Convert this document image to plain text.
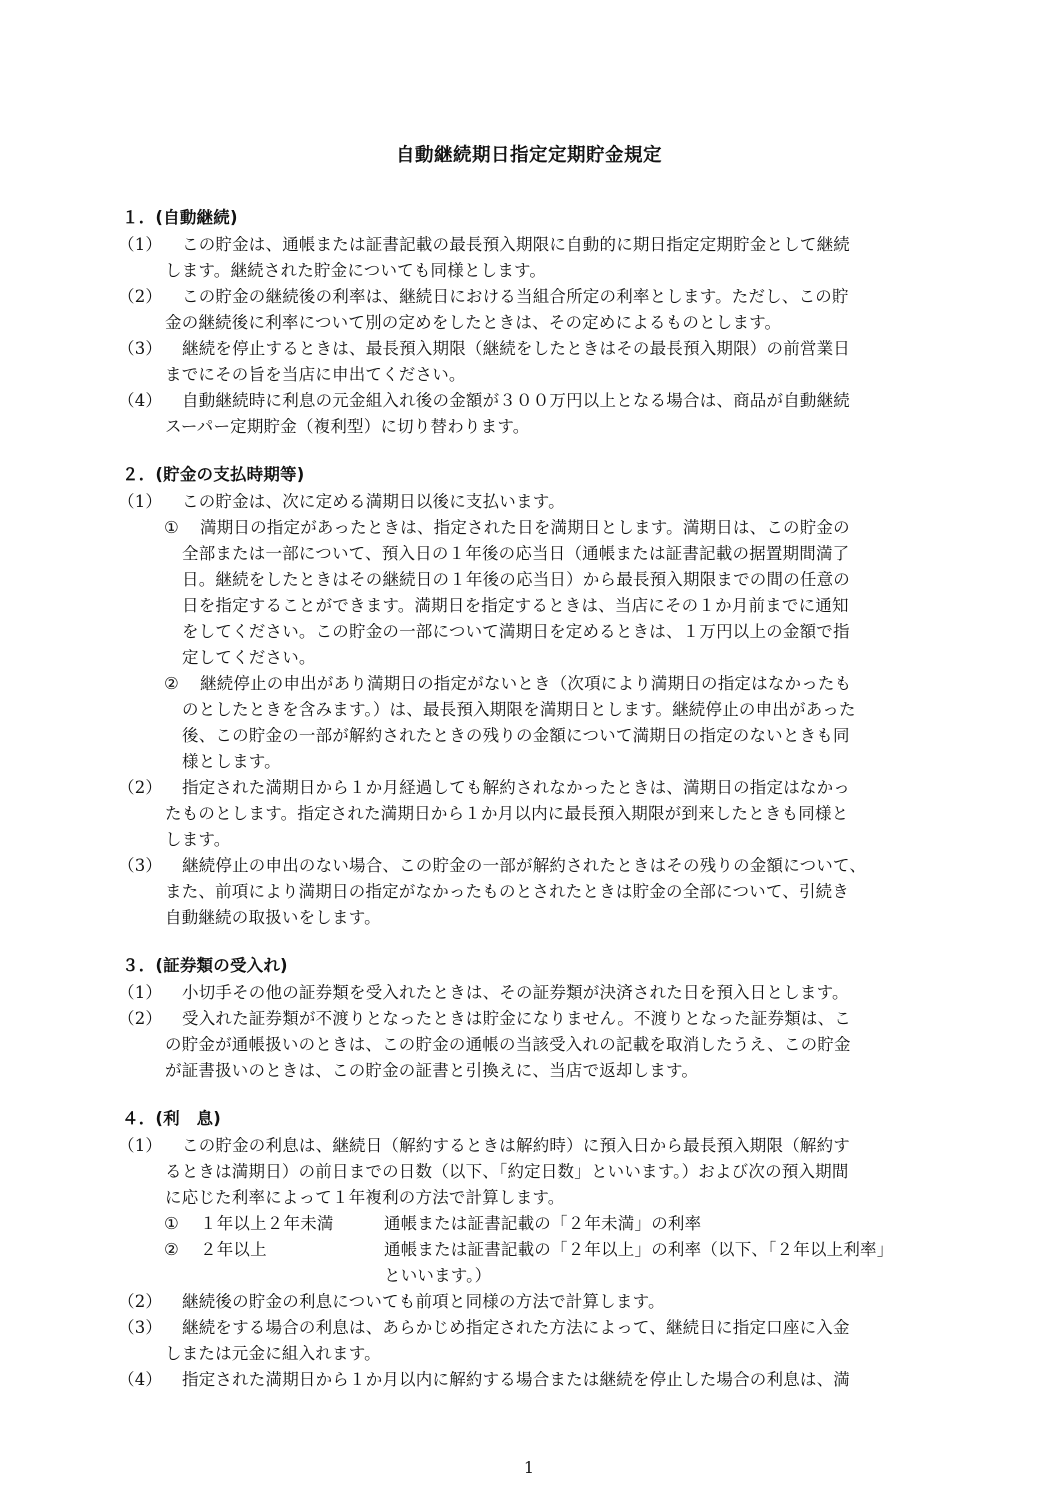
自動継続期日指定定期貯金規定
１．(自動継続)
（1） この貯金は、通帳または証書記載の最長預入期限に自動的に期日指定定期貯金として継続
します。継続された貯金についても同様とします。
（2） この貯金の継続後の利率は、継続日における当組合所定の利率とします。ただし、この貯
金の継続後に利率について別の定めをしたときは、その定めによるものとします。
（3） 継続を停止するときは、最長預入期限（継続をしたときはその最長預入期限）の前営業日
までにその旨を当店に申出てください。
（4） 自動継続時に利息の元金組入れ後の金額が３００万円以上となる場合は、商品が自動継続
スーパー定期貯金（複利型）に切り替わります。
２．(貯金の支払時期等)
（1） この貯金は、次に定める満期日以後に支払います。
① 満期日の指定があったときは、指定された日を満期日とします。満期日は、この貯金の
全部または一部について、預入日の１年後の応当日（通帳または証書記載の据置期間満了
日。継続をしたときはその継続日の１年後の応当日）から最長預入期限までの間の任意の
日を指定することができます。満期日を指定するときは、当店にその１か月前までに通知
をしてください。この貯金の一部について満期日を定めるときは、１万円以上の金額で指
定してください。
② 継続停止の申出があり満期日の指定がないとき（次項により満期日の指定はなかったも
のとしたときを含みます。）は、最長預入期限を満期日とします。継続停止の申出があった
後、この貯金の一部が解約されたときの残りの金額について満期日の指定のないときも同
様とします。
（2） 指定された満期日から１か月経過しても解約されなかったときは、満期日の指定はなかっ
たものとします。指定された満期日から１か月以内に最長預入期限が到来したときも同様と
します。
（3） 継続停止の申出のない場合、この貯金の一部が解約されたときはその残りの金額について、
また、前項により満期日の指定がなかったものとされたときは貯金の全部について、引続き
自動継続の取扱いをします。
３．(証券類の受入れ)
（1） 小切手その他の証券類を受入れたときは、その証券類が決済された日を預入日とします。
（2） 受入れた証券類が不渡りとなったときは貯金になりません。不渡りとなった証券類は、こ
の貯金が通帳扱いのときは、この貯金の通帳の当該受入れの記載を取消したうえ、この貯金
が証書扱いのときは、この貯金の証書と引換えに、当店で返却します。
４．(利　息)
（1） この貯金の利息は、継続日（解約するときは解約時）に預入日から最長預入期限（解約す
るときは満期日）の前日までの日数（以下、「約定日数」といいます。）および次の預入期間
に応じた利率によって１年複利の方法で計算します。
① １年以上２年未満	通帳または証書記載の「２年未満」の利率
② ２年以上	通帳または証書記載の「２年以上」の利率（以下、「２年以上利率」
といいます。）
（2） 継続後の貯金の利息についても前項と同様の方法で計算します。
（3） 継続をする場合の利息は、あらかじめ指定された方法によって、継続日に指定口座に入金
しまたは元金に組入れます。
（4） 指定された満期日から１か月以内に解約する場合または継続を停止した場合の利息は、満
1
